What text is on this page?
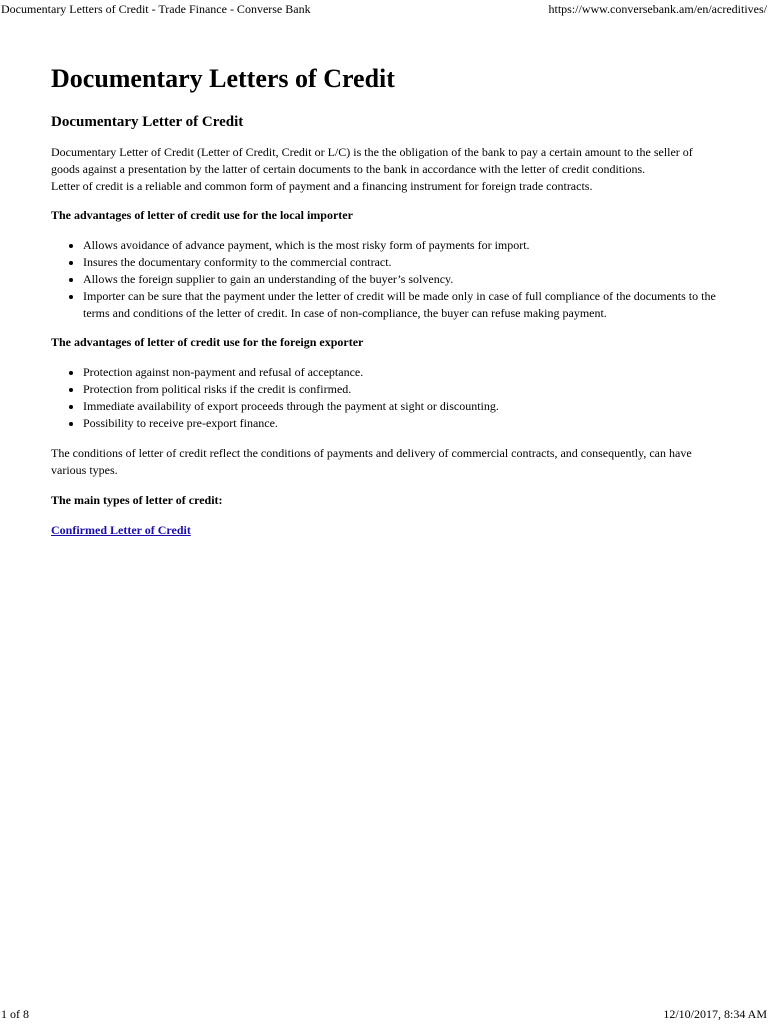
Documentary Letters of Credit - Trade Finance - Converse Bank	https://www.conversebank.am/en/acreditives/
Documentary Letters of Credit
Documentary Letter of Credit

Documentary Letter of Credit (Letter of Credit, Credit or L/C) is the the obligation of the bank to pay a certain amount to the seller of goods against a presentation by the latter of certain documents to the bank in accordance with the letter of credit conditions.

Letter of credit is a reliable and common form of payment and a financing instrument for foreign trade contracts.

The advantages of letter of credit use for the local importer

• Allows avoidance of advance payment, which is the most risky form of payments for import.
• Insures the documentary conformity to the commercial contract.
• Allows the foreign supplier to gain an understanding of the buyer’s solvency.
• Importer can be sure that the payment under the letter of credit will be made only in case of full compliance of the documents to the terms and conditions of the letter of credit. In case of non-compliance, the buyer can refuse making payment.

The advantages of letter of credit use for the foreign exporter

• Protection against non-payment and refusal of acceptance.
• Protection from political risks if the credit is confirmed.
• Immediate availability of export proceeds through the payment at sight or discounting.
• Possibility to receive pre-export finance.

The conditions of letter of credit reflect the conditions of payments and delivery of commercial contracts, and consequently, can have various types.

The main types of letter of credit:

Confirmed Letter of Credit

1 of 8	12/10/2017, 8:34 AM
